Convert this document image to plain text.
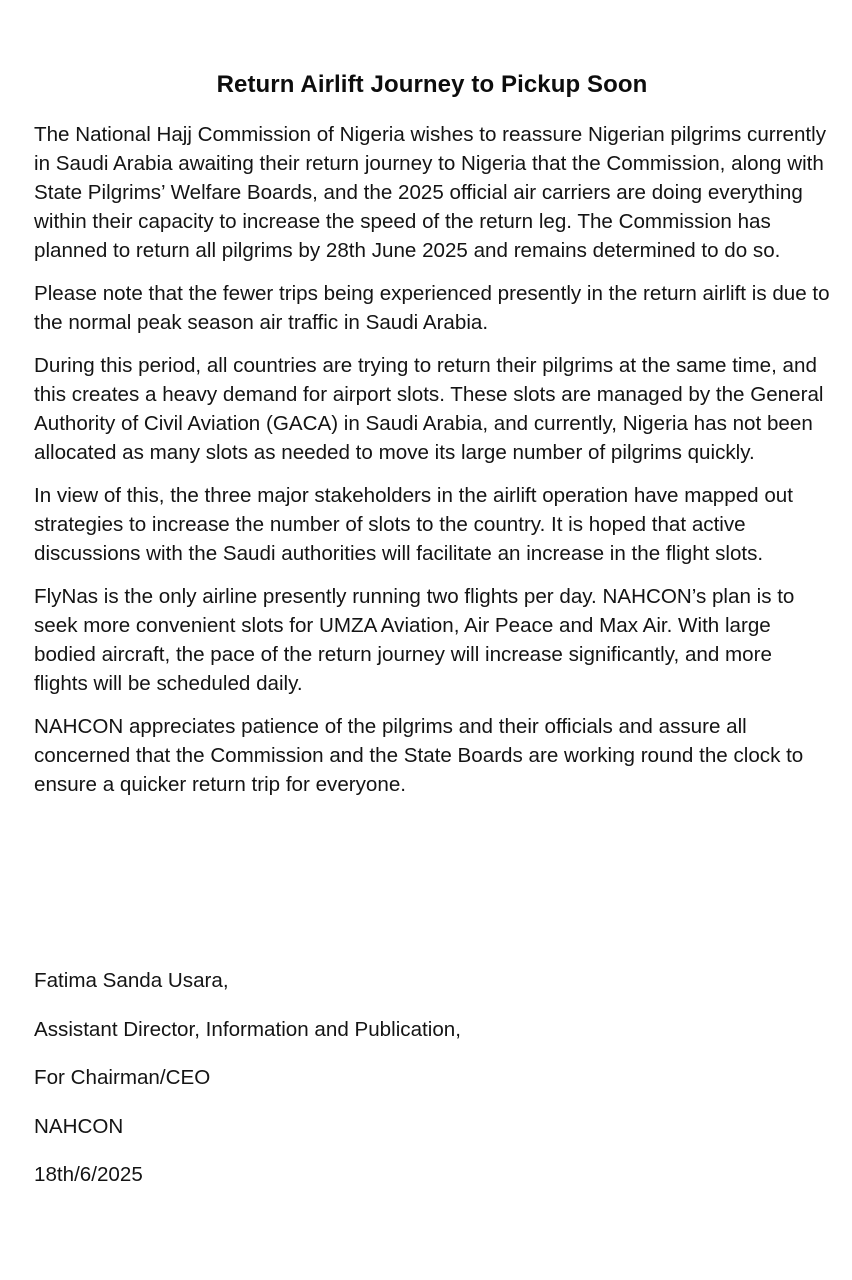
Return Airlift Journey to Pickup Soon

The National Hajj Commission of Nigeria wishes to reassure Nigerian pilgrims currently in Saudi Arabia awaiting their return journey to Nigeria that the Commission, along with State Pilgrims’ Welfare Boards, and the 2025 official air carriers are doing everything within their capacity to increase the speed of the return leg. The Commission has planned to return all pilgrims by 28th June 2025 and remains determined to do so.

Please note that the fewer trips being experienced presently in the return airlift is due to the normal peak season air traffic in Saudi Arabia.

During this period, all countries are trying to return their pilgrims at the same time, and this creates a heavy demand for airport slots. These slots are managed by the General Authority of Civil Aviation (GACA) in Saudi Arabia, and currently, Nigeria has not been allocated as many slots as needed to move its large number of pilgrims quickly.

In view of this, the three major stakeholders in the airlift operation have mapped out strategies to increase the number of slots to the country. It is hoped that active discussions with the Saudi authorities will facilitate an increase in the flight slots.

FlyNas is the only airline presently running two flights per day. NAHCON’s plan is to seek more convenient slots for UMZA Aviation, Air Peace and Max Air. With large bodied aircraft, the pace of the return journey will increase significantly, and more flights will be scheduled daily.

NAHCON appreciates patience of the pilgrims and their officials and assure all concerned that the Commission and the State Boards are working round the clock to ensure a quicker return trip for everyone.

Fatima Sanda Usara,

Assistant Director, Information and Publication,

For Chairman/CEO

NAHCON

18th/6/2025
